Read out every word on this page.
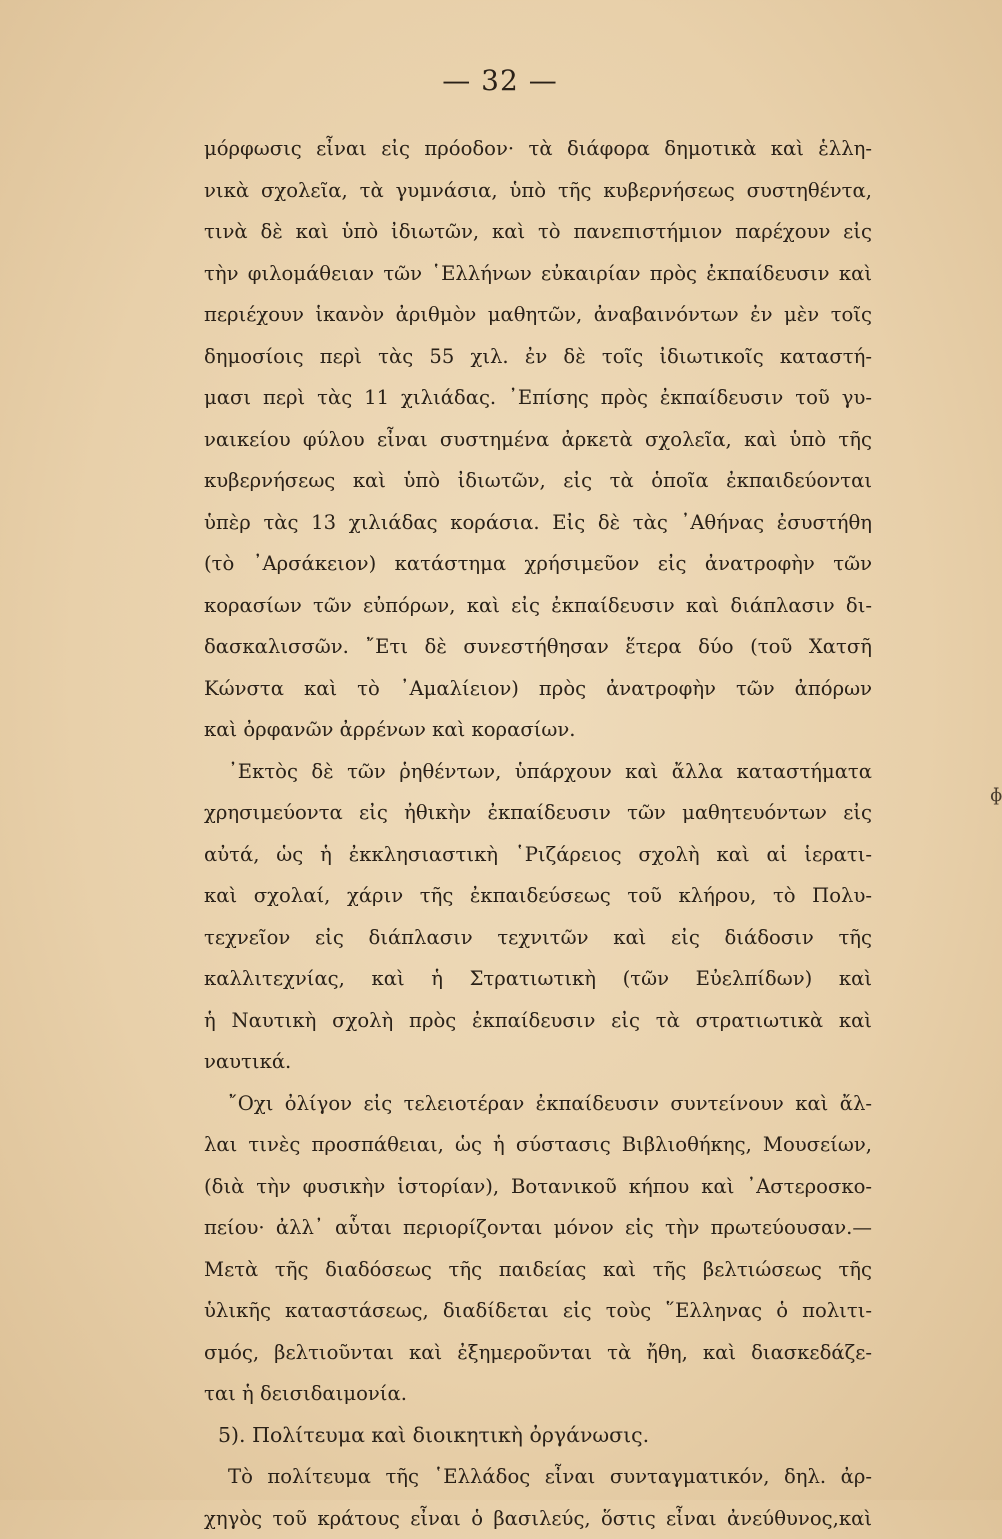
— 32 —
μόρφωσις εἶναι εἰς πρόοδον· τὰ διάφορα δημοτικὰ καὶ ἑλλη-
νικὰ σχολεῖα, τὰ γυμνάσια, ὑπὸ τῆς κυβερνήσεως συστηθέντα,
τινὰ δὲ καὶ ὑπὸ ἰδιωτῶν, καὶ τὸ πανεπιστήμιον παρέχουν εἰς
τὴν φιλομάθειαν τῶν ῾Ελλήνων εὐκαιρίαν πρὸς ἐκπαίδευσιν καὶ
περιέχουν ἱκανὸν ἀριθμὸν μαθητῶν, ἀναβαινόντων ἐν μὲν τοῖς
δημοσίοις περὶ τὰς 55 χιλ. ἐν δὲ τοῖς ἰδιωτικοῖς καταστή-
μασι περὶ τὰς 11 χιλιάδας. ᾿Επίσης πρὸς ἐκπαίδευσιν τοῦ γυ-
ναικείου φύλου εἶναι συστημένα ἀρκετὰ σχολεῖα, καὶ ὑπὸ τῆς
κυβερνήσεως καὶ ὑπὸ ἰδιωτῶν, εἰς τὰ ὁποῖα ἐκπαιδεύονται
ὑπὲρ τὰς 13 χιλιάδας κοράσια. Εἰς δὲ τὰς ᾿Αθήνας ἐσυστήθη
(τὸ ᾿Αρσάκειον) κατάστημα χρήσιμεῦον εἰς ἀνατροφὴν τῶν
κορασίων τῶν εὐπόρων, καὶ εἰς ἐκπαίδευσιν καὶ διάπλασιν δι-
δασκαλισσῶν. ῎Ετι δὲ συνεστήθησαν ἕτερα δύο (τοῦ Χατσῆ
Κώνστα καὶ τὸ ᾿Αμαλίειον) πρὸς ἀνατροφὴν τῶν ἀπόρων
καὶ ὀρφανῶν ἀρρένων καὶ κορασίων.
᾿Εκτὸς δὲ τῶν ῥηθέντων, ὑπάρχουν καὶ ἄλλα καταστήματα
χρησιμεύοντα εἰς ἠθικὴν ἐκπαίδευσιν τῶν μαθητευόντων εἰς
αὐτά, ὡς ἡ ἐκκλησιαστικὴ ῾Ριζάρειος σχολὴ καὶ αἱ ἱερατι-
καὶ σχολαί, χάριν τῆς ἐκπαιδεύσεως τοῦ κλήρου, τὸ Πολυ-
τεχνεῖον εἰς διάπλασιν τεχνιτῶν καὶ εἰς διάδοσιν τῆς
καλλιτεχνίας, καὶ ἡ Στρατιωτικὴ (τῶν Εὐελπίδων) καὶ
ἡ Ναυτικὴ σχολὴ πρὸς ἐκπαίδευσιν εἰς τὰ στρατιωτικὰ καὶ
ναυτικά.
῎Οχι ὀλίγον εἰς τελειοτέραν ἐκπαίδευσιν συντείνουν καὶ ἄλ-
λαι τινὲς προσπάθειαι, ὡς ἡ σύστασις Βιβλιοθήκης, Μουσείων,
(διὰ τὴν φυσικὴν ἱστορίαν), Βοτανικοῦ κήπου καὶ ᾿Αστεροσκο-
πείου· ἀλλ᾿ αὗται περιορίζονται μόνον εἰς τὴν πρωτεύουσαν.—
Μετὰ τῆς διαδόσεως τῆς παιδείας καὶ τῆς βελτιώσεως τῆς
ὑλικῆς καταστάσεως, διαδίδεται εἰς τοὺς ῞Ελληνας ὁ πολιτι-
σμός, βελτιοῦνται καὶ ἐξημεροῦνται τὰ ἤθη, καὶ διασκεδάζε-
ται ἡ δεισιδαιμονία.
5). Πολίτευμα καὶ διοικητικὴ ὀργάνωσις.
Τὸ πολίτευμα τῆς ῾Ελλάδος εἶναι συνταγματικόν, δηλ. ἀρ-
χηγὸς τοῦ κράτους εἶναι ὁ βασιλεύς, ὅστις εἶναι ἀνεύθυνος,καὶ
ɸ
